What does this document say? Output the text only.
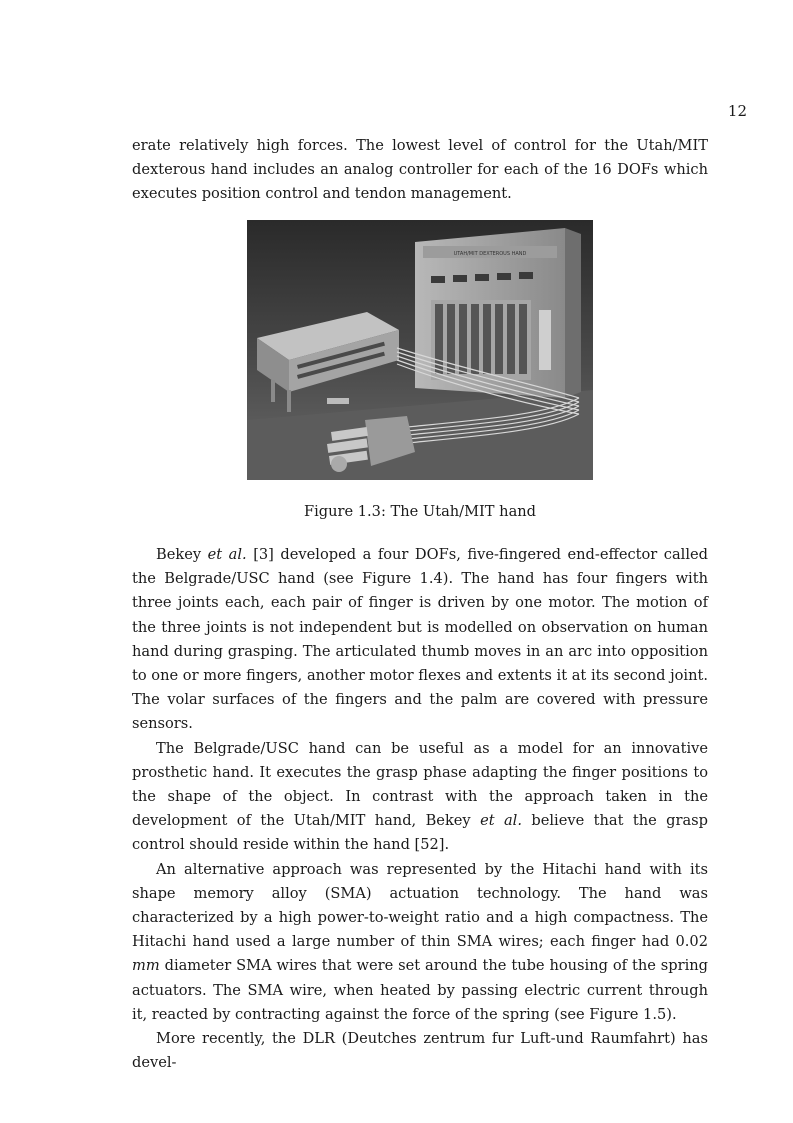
12

erate relatively high forces. The lowest level of control for the Utah/MIT dexterous hand includes an analog controller for each of the 16 DOFs which executes position control and tendon management.

UTAH/MIT DEXTEROUS HAND
Figure 1.3: The Utah/MIT hand

Bekey et al. [3] developed a four DOFs, five-fingered end-effector called the Belgrade/USC hand (see Figure 1.4). The hand has four fingers with three joints each, each pair of finger is driven by one motor. The motion of the three joints is not independent but is modelled on observation on human hand during grasping. The articulated thumb moves in an arc into opposition to one or more fingers, another motor flexes and extents it at its second joint. The volar surfaces of the fingers and the palm are covered with pressure sensors.

The Belgrade/USC hand can be useful as a model for an innovative prosthetic hand. It executes the grasp phase adapting the finger positions to the shape of the object. In contrast with the approach taken in the development of the Utah/MIT hand, Bekey et al. believe that the grasp control should reside within the hand [52].

An alternative approach was represented by the Hitachi hand with its shape memory alloy (SMA) actuation technology. The hand was characterized by a high power-to-weight ratio and a high compactness. The Hitachi hand used a large number of thin SMA wires; each finger had 0.02 mm diameter SMA wires that were set around the tube housing of the spring actuators. The SMA wire, when heated by passing electric current through it, reacted by contracting against the force of the spring (see Figure 1.5).

More recently, the DLR (Deutches zentrum fur Luft-und Raumfahrt) has devel-
